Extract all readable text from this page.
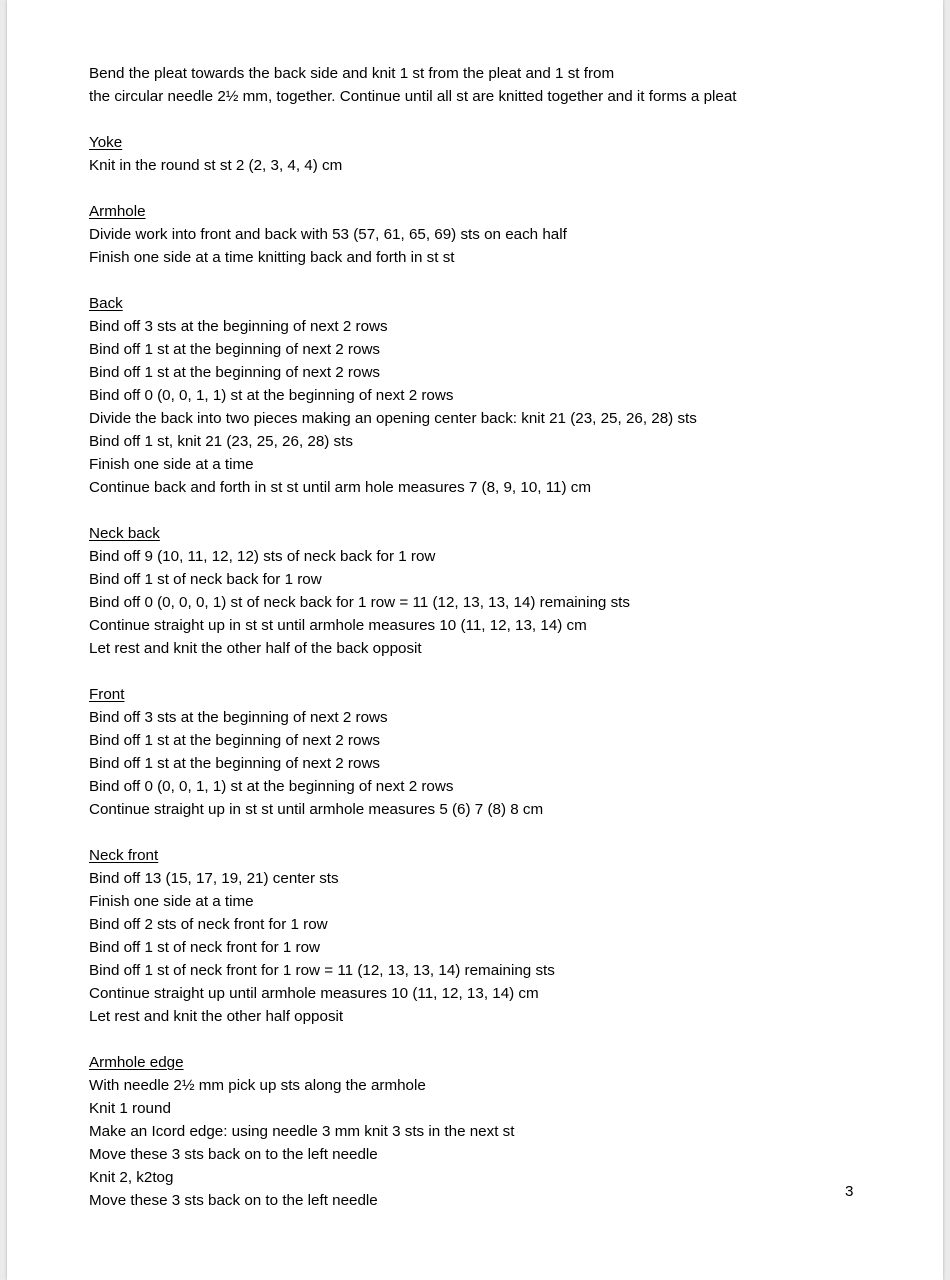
Bend the pleat towards the back side and knit 1 st from the pleat and 1 st from
the circular needle 2½ mm, together. Continue until all st are knitted together and it forms a pleat
Yoke
Knit in the round st st 2 (2, 3, 4, 4) cm
Armhole
Divide work into front and back with 53 (57, 61, 65, 69) sts on each half
Finish one side at a time knitting back and forth in st st
Back
Bind off 3 sts at the beginning of next 2 rows
Bind off 1 st at the beginning of next 2 rows
Bind off 1 st at the beginning of next 2 rows
Bind off 0 (0, 0, 1, 1) st at the beginning of next 2 rows
Divide the back into two pieces making an opening center back: knit 21 (23, 25, 26, 28) sts
Bind off 1 st, knit 21 (23, 25, 26, 28) sts
Finish one side at a time
Continue back and forth in st st until arm hole measures 7 (8, 9, 10, 11) cm
Neck back
Bind off 9 (10, 11, 12, 12) sts of neck back for 1 row
Bind off 1 st of neck back for 1 row
Bind off 0 (0, 0, 0, 1) st of neck back for 1 row = 11 (12, 13, 13, 14) remaining sts
Continue straight up in st st until armhole measures 10 (11, 12, 13, 14) cm
Let rest and knit the other half of the back opposit
Front
Bind off 3 sts at the beginning of next 2 rows
Bind off 1 st at the beginning of next 2 rows
Bind off 1 st at the beginning of next 2 rows
Bind off 0 (0, 0, 1, 1) st at the beginning of next 2 rows
Continue straight up in st st until armhole measures 5 (6) 7 (8) 8 cm
Neck front
Bind off 13 (15, 17, 19, 21) center sts
Finish one side at a time
Bind off 2 sts of neck front for 1 row
Bind off 1 st of neck front for 1 row
Bind off 1 st of neck front for 1 row = 11 (12, 13, 13, 14) remaining sts
Continue straight up until armhole measures 10 (11, 12, 13, 14) cm
Let rest and knit the other half opposit
Armhole edge
With needle 2½ mm pick up sts along the armhole
Knit 1 round
Make an Icord edge: using needle 3 mm knit 3 sts in the next st
Move these 3 sts back on to the left needle
Knit 2, k2tog
Move these 3 sts back on to the left needle
3
